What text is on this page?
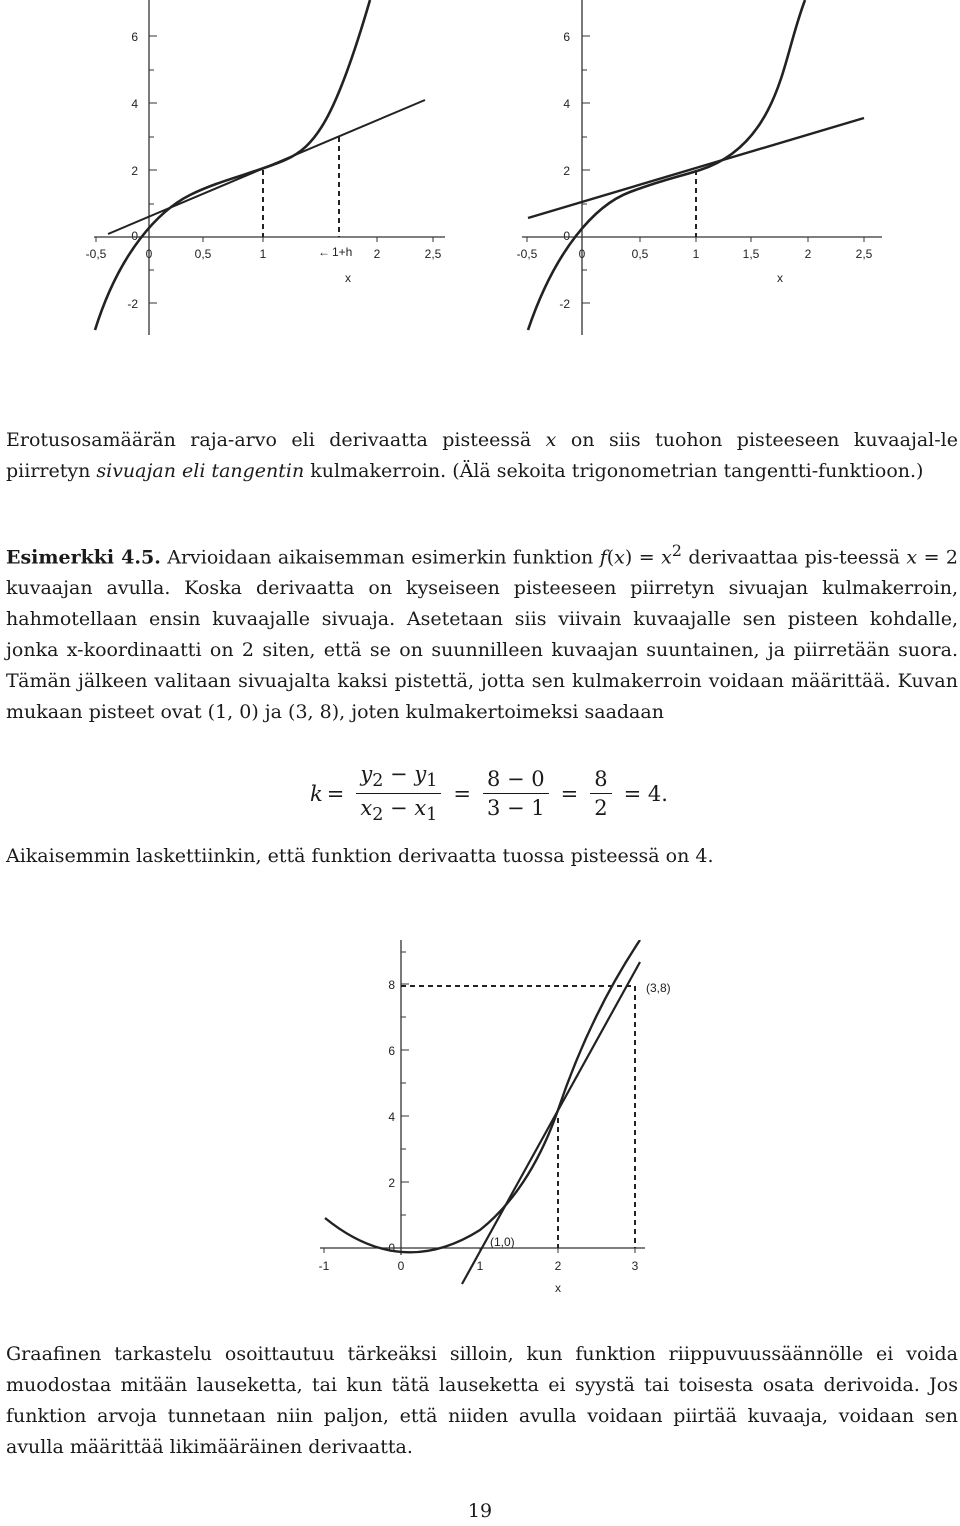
6
4
2
0
-2
-0,5	0	0,5	1	2	2,5
← 1+h
x
6
4
2
0
-2
-0,5	0	0,5	1	1,5	2	2,5
x

Erotusosamäärän raja-arvo eli derivaatta pisteessä x on siis tuohon pisteeseen kuvaajal-le piirretyn sivuajan eli tangentin kulmakerroin. (Älä sekoita trigonometrian tangentti-funktioon.)

Esimerkki 4.5. Arvioidaan aikaisemman esimerkin funktion $f(x) = x^2$ derivaattaa pis-teessä x = 2 kuvaajan avulla. Koska derivaatta on kyseiseen pisteeseen piirretyn sivuajan kulmakerroin, hahmotellaan ensin kuvaajalle sivuaja. Asetetaan siis viivain kuvaajalle sen pisteen kohdalle, jonka x-koordinaatti on 2 siten, että se on suunnilleen kuvaajan suuntainen, ja piirretään suora. Tämän jälkeen valitaan sivuajalta kaksi pistettä, jotta sen kulmakerroin voidaan määrittää. Kuvan mukaan pisteet ovat (1, 0) ja (3, 8), joten kulmakertoimeksi saadaan

$k = \frac{y_2 - y_1}{x_2 - x_1} = \frac{8 - 0}{3 - 1} = \frac{8}{2} = 4$.

Aikaisemmin laskettiinkin, että funktion derivaatta tuossa pisteessä on 4.

8
6
4
2
0
-1	0	1	2	3
x
(1,0)
(3,8)

Graafinen tarkastelu osoittautuu tärkeäksi silloin, kun funktion riippuvuussäännölle ei voida muodostaa mitään lauseketta, tai kun tätä lauseketta ei syystä tai toisesta osata derivoida. Jos funktion arvoja tunnetaan niin paljon, että niiden avulla voidaan piirtää kuvaaja, voidaan sen avulla määrittää likimääräinen derivaatta.

19
